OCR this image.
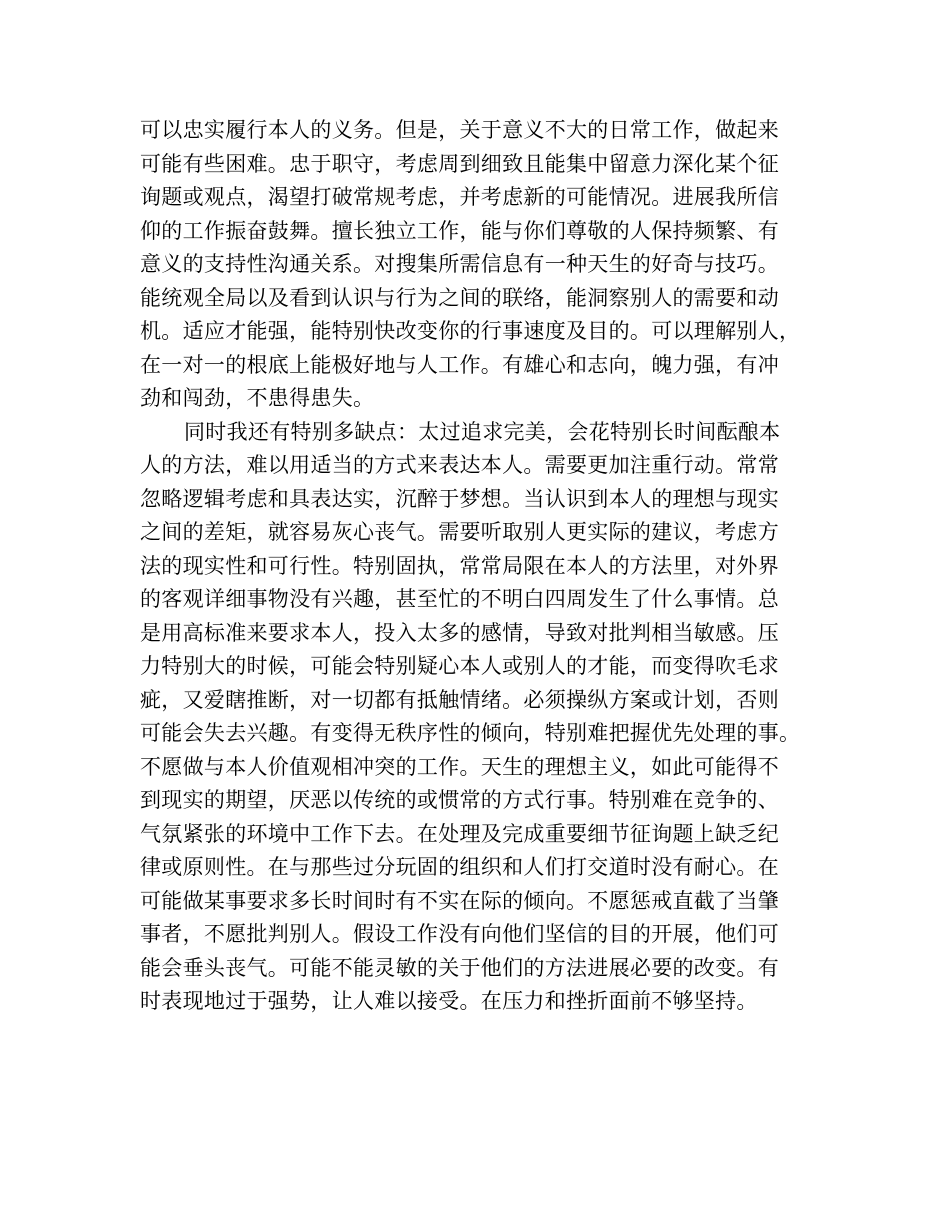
可以忠实履行本人的义务。但是，关于意义不大的日常工作，做起来
可能有些困难。忠于职守，考虑周到细致且能集中留意力深化某个征
询题或观点，渴望打破常规考虑，并考虑新的可能情况。进展我所信
仰的工作振奋鼓舞。擅长独立工作，能与你们尊敬的人保持频繁、有
意义的支持性沟通关系。对搜集所需信息有一种天生的好奇与技巧。
能统观全局以及看到认识与行为之间的联络，能洞察别人的需要和动
机。适应才能强，能特别快改变你的行事速度及目的。可以理解别人，
在一对一的根底上能极好地与人工作。有雄心和志向，魄力强，有冲
劲和闯劲，不患得患失。
同时我还有特别多缺点：太过追求完美，会花特别长时间酝酿本
人的方法，难以用适当的方式来表达本人。需要更加注重行动。常常
忽略逻辑考虑和具表达实，沉醉于梦想。当认识到本人的理想与现实
之间的差矩，就容易灰心丧气。需要听取别人更实际的建议，考虑方
法的现实性和可行性。特别固执，常常局限在本人的方法里，对外界
的客观详细事物没有兴趣，甚至忙的不明白四周发生了什么事情。总
是用高标准来要求本人，投入太多的感情，导致对批判相当敏感。压
力特别大的时候，可能会特别疑心本人或别人的才能，而变得吹毛求
疵，又爱瞎推断，对一切都有抵触情绪。必须操纵方案或计划，否则
可能会失去兴趣。有变得无秩序性的倾向，特别难把握优先处理的事。
不愿做与本人价值观相冲突的工作。天生的理想主义，如此可能得不
到现实的期望，厌恶以传统的或惯常的方式行事。特别难在竞争的、
气氛紧张的环境中工作下去。在处理及完成重要细节征询题上缺乏纪
律或原则性。在与那些过分玩固的组织和人们打交道时没有耐心。在
可能做某事要求多长时间时有不实在际的倾向。不愿惩戒直截了当肇
事者，不愿批判别人。假设工作没有向他们坚信的目的开展，他们可
能会垂头丧气。可能不能灵敏的关于他们的方法进展必要的改变。有
时表现地过于强势，让人难以接受。在压力和挫折面前不够坚持。
